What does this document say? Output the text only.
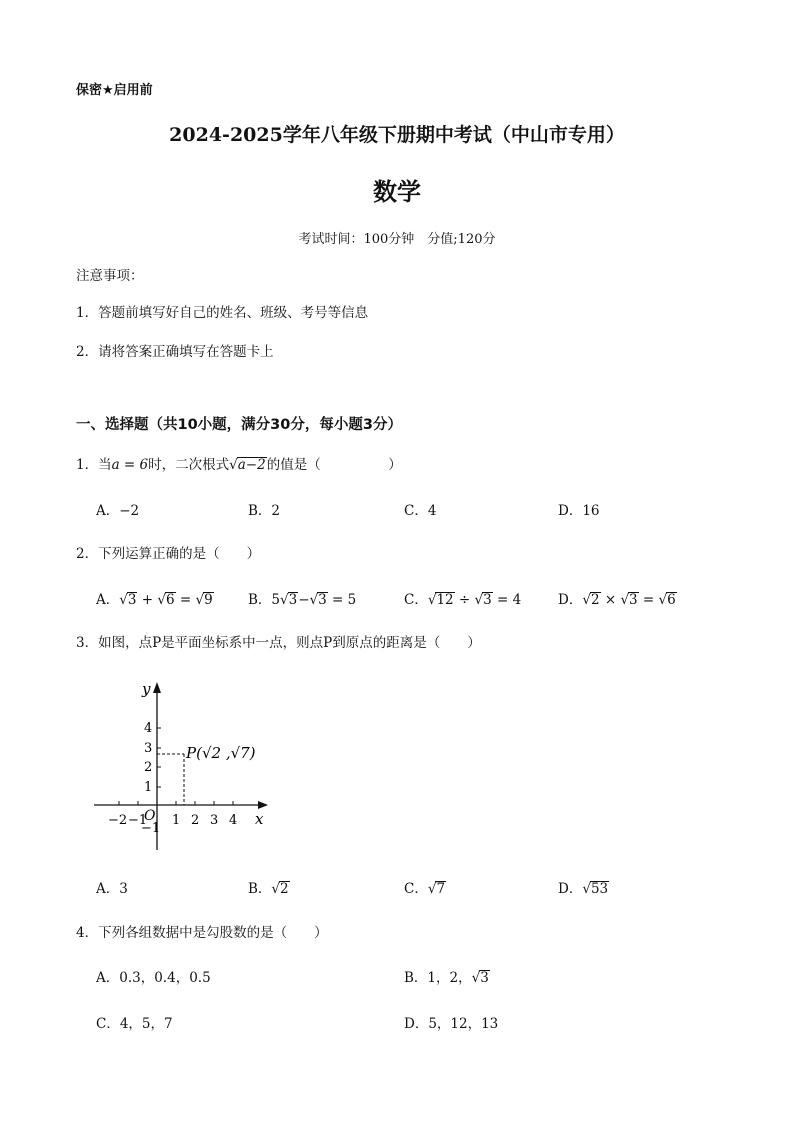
保密★启用前
2024-2025学年八年级下册期中考试（中山市专用）
数学
考试时间：100分钟　分值;120分
注意事项：
1．答题前填写好自己的姓名、班级、考号等信息
2．请将答案正确填写在答题卡上
一、选择题（共10小题，满分30分，每小题3分）
1．当a = 6时，二次根式√a−2的值是（　　　　　）
A．−2	B．2	C．4	D．16
2．下列运算正确的是（　　）
A．√3 + √6 = √9	B．5√3−√3 = 5	C．√12 ÷ √3 = 4	D．√2 × √3 = √6
3．如图，点P是平面坐标系中一点，则点P到原点的距离是（　　）
y
x
O
−2 −1 1 2 3 4
4
3
2
1
−1
P(√2 ,√7)
A．3	B．√2	C．√7	D．√53
4．下列各组数据中是勾股数的是（　　）
A．0.3，0.4，0.5	B．1，2，√3
C．4，5，7	D．5，12，13
